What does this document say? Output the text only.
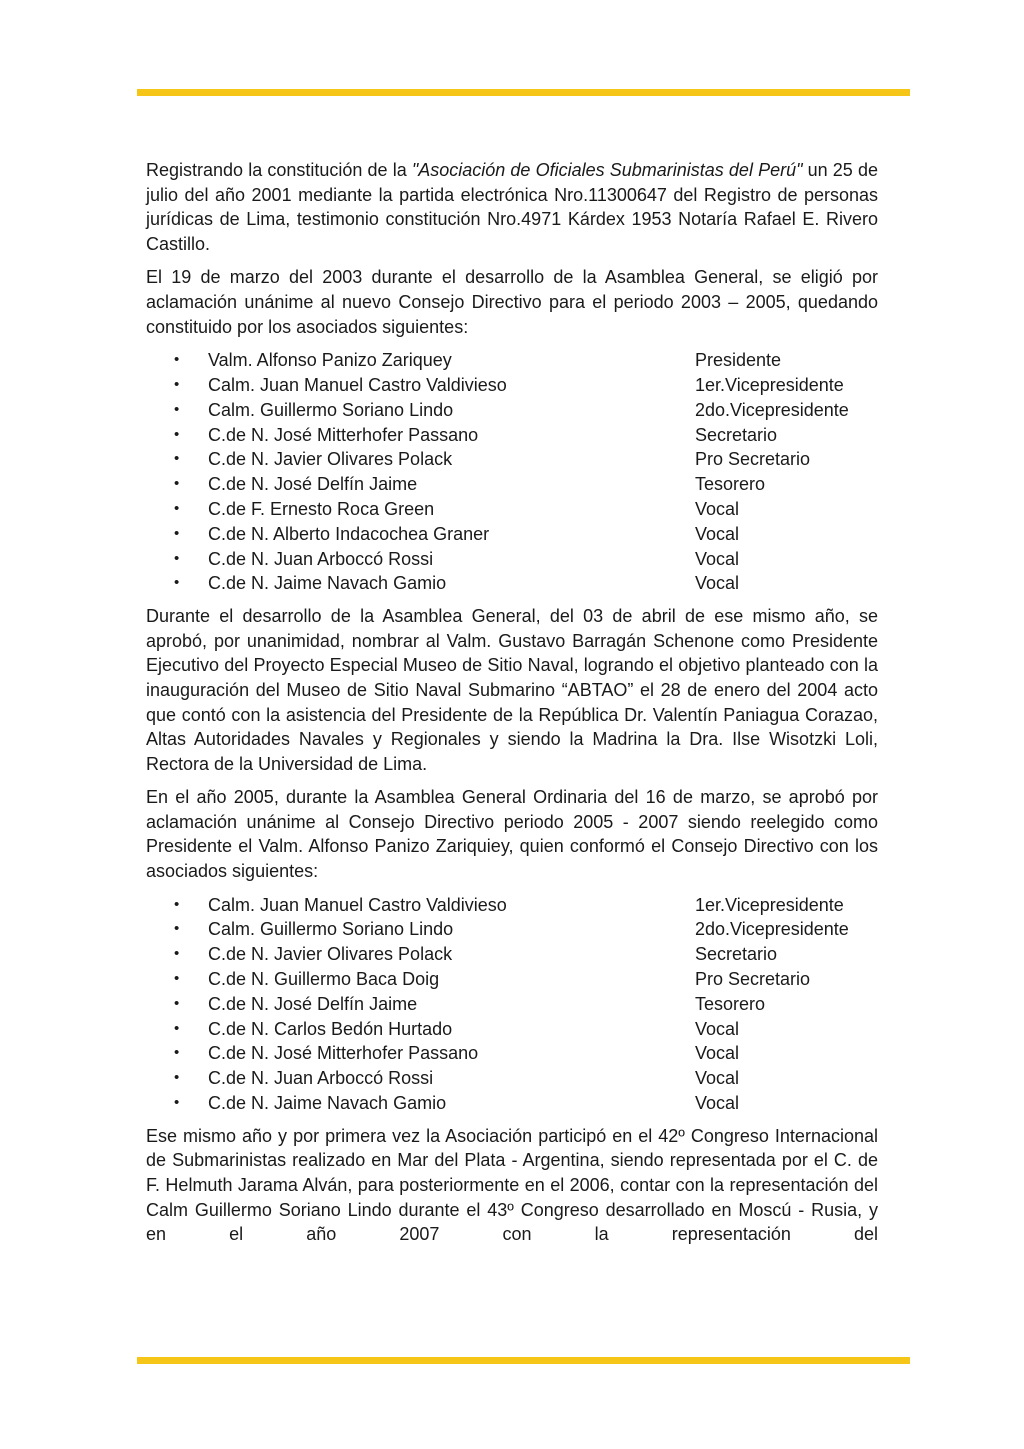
Registrando la constitución de la "Asociación de Oficiales Submarinistas del Perú" un 25 de julio del año 2001 mediante la partida electrónica Nro.11300647 del Registro de personas jurídicas de Lima, testimonio constitución Nro.4971 Kárdex 1953 Notaría Rafael E. Rivero Castillo.

El 19 de marzo del 2003 durante el desarrollo de la Asamblea General, se eligió por aclamación unánime al nuevo Consejo Directivo para el periodo 2003 – 2005, quedando constituido por los asociados siguientes:

• Valm. Alfonso Panizo Zariquey	Presidente
• Calm. Juan Manuel Castro Valdivieso	1er.Vicepresidente
• Calm. Guillermo Soriano Lindo	2do.Vicepresidente
• C.de N. José Mitterhofer Passano	Secretario
• C.de N. Javier Olivares Polack	Pro Secretario
• C.de N. José Delfín Jaime	Tesorero
• C.de F. Ernesto Roca Green	Vocal
• C.de N. Alberto Indacochea Graner	Vocal
• C.de N. Juan Arboccó Rossi	Vocal
• C.de N. Jaime Navach Gamio	Vocal

Durante el desarrollo de la Asamblea General, del 03 de abril de ese mismo año, se aprobó, por unanimidad, nombrar al Valm. Gustavo Barragán Schenone como Presidente Ejecutivo del Proyecto Especial Museo de Sitio Naval, logrando el objetivo planteado con la inauguración del Museo de Sitio Naval Submarino “ABTAO” el 28 de enero del 2004 acto que contó con la asistencia del Presidente de la República Dr. Valentín Paniagua Corazao, Altas Autoridades Navales y Regionales y siendo la Madrina la Dra. Ilse Wisotzki Loli, Rectora de la Universidad de Lima.

En el año 2005, durante la Asamblea General Ordinaria del 16 de marzo, se aprobó por aclamación unánime al Consejo Directivo periodo 2005 - 2007 siendo reelegido como Presidente el Valm. Alfonso Panizo Zariquiey, quien conformó el Consejo Directivo con los asociados siguientes:

• Calm. Juan Manuel Castro Valdivieso	1er.Vicepresidente
• Calm. Guillermo Soriano Lindo	2do.Vicepresidente
• C.de N. Javier Olivares Polack	Secretario
• C.de N. Guillermo Baca Doig	Pro Secretario
• C.de N. José Delfín Jaime	Tesorero
• C.de N. Carlos Bedón Hurtado	Vocal
• C.de N. José Mitterhofer Passano	Vocal
• C.de N. Juan Arboccó Rossi	Vocal
• C.de N. Jaime Navach Gamio	Vocal

Ese mismo año y por primera vez la Asociación participó en el 42º Congreso Internacional de Submarinistas realizado en Mar del Plata - Argentina, siendo representada por el C. de F. Helmuth Jarama Alván, para posteriormente en el 2006, contar con la representación del Calm Guillermo Soriano Lindo durante el 43º Congreso desarrollado en Moscú - Rusia, y en el año 2007 con la representación del
